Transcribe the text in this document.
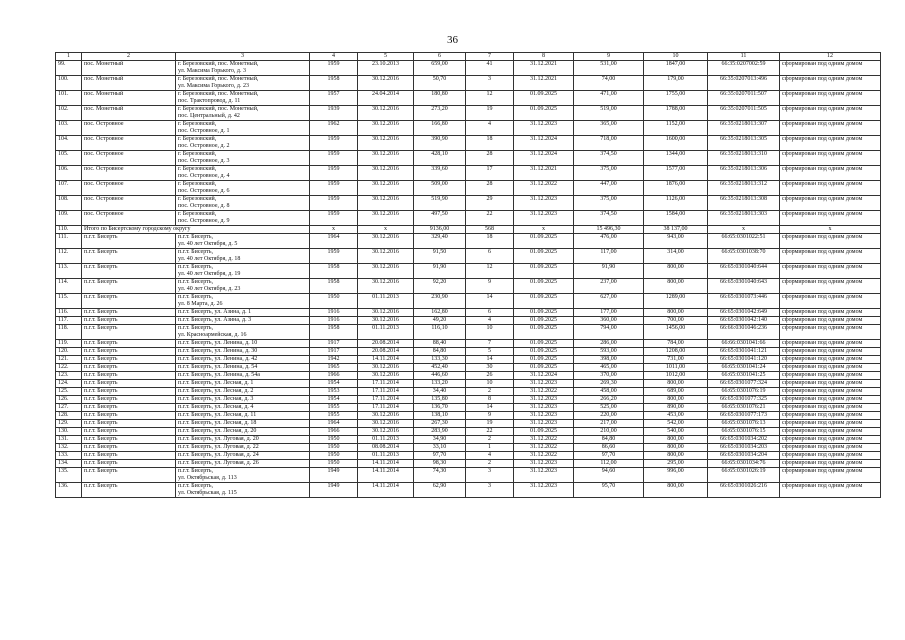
36
1	2	3	4	5	6	7	8	9	10	11	12
99.	пос. Монетный	г. Березовский, пос. Монетный,
ул. Максима Горького, д. 3	1959	23.10.2013	659,00	41	31.12.2021	531,00	1847,00	66:35:0207002:59	сформирован под одним домом
100.	пос. Монетный	г. Березовский, пос. Монетный,
ул. Максима Горького, д. 23	1958	30.12.2016	50,70	3	31.12.2021	74,00	179,00	66:35:0207013:496	сформирован под одним домом
101.	пос. Монетный	г. Березовский, пос. Монетный,
пос. Трактопровод, д. 11	1957	24.04.2014	180,80	12	01.09.2025	471,00	1755,00	66:35:0207011:507	сформирован под одним домом
102.	пос. Монетный	г. Березовский, пос. Монетный,
пос. Центральный, д. 42	1939	30.12.2016	273,20	19	01.09.2025	519,00	1788,00	66:35:0207011:505	сформирован под одним домом
103.	пос. Островное	г. Березовский,
пос. Островное, д. 1	1962	30.12.2016	166,80	4	31.12.2023	365,00	1152,00	66:35:0218013:307	сформирован под одним домом
104.	пос. Островное	г. Березовский,
пос. Островное, д. 2	1959	30.12.2016	390,90	18	31.12.2024	718,00	1600,00	66:35:0218013:305	сформирован под одним домом
105.	пос. Островное	г. Березовский,
пос. Островное, д. 3	1959	30.12.2016	428,10	28	31.12.2024	374,50	1344,00	66:35:0218013:310	сформирован под одним домом
106.	пос. Островное	г. Березовский,
пос. Островное, д. 4	1959	30.12.2016	339,60	17	31.12.2021	375,00	1577,00	66:35:0218013:306	сформирован под одним домом
107.	пос. Островное	г. Березовский,
пос. Островное, д. 6	1959	30.12.2016	509,00	28	31.12.2022	447,00	1876,00	66:35:0218013:312	сформирован под одним домом
108.	пос. Островное	г. Березовский,
пос. Островное, д. 8	1959	30.12.2016	519,90	29	31.12.2023	375,00	1126,00	66:35:0218013:308	сформирован под одним домом
109.	пос. Островное	г. Березовский,
пос. Островное, д. 9	1959	30.12.2016	497,50	22	31.12.2023	374,50	1584,00	66:35:0218013:303	сформирован под одним домом
110.	Итого по Бисертскому городскому округу		x	x	9136,00	568	x	15 496,30	38 137,00	x	x
111.	п.г.т. Бисерть	п.г.т. Бисерть,
ул. 40 лет Октября, д. 5	1964	30.12.2016	329,40	18	01.09.2025	476,00	943,00	66:65:0301022:51	сформирован под одним домом
112.	п.г.т. Бисерть	п.г.т. Бисерть,
ул. 40 лет Октября, д. 18	1959	30.12.2016	91,50	6	01.09.2025	117,00	314,00	66:65:0301038:70	сформирован под одним домом
113.	п.г.т. Бисерть	п.г.т. Бисерть,
ул. 40 лет Октября, д. 19	1958	30.12.2016	91,90	12	01.09.2025	91,90	800,00	66:65:0301040:644	сформирован под одним домом
114.	п.г.т. Бисерть	п.г.т. Бисерть,
ул. 40 лет Октября, д. 23	1958	30.12.2016	92,20	9	01.09.2025	237,00	800,00	66:65:0301040:643	сформирован под одним домом
115.	п.г.т. Бисерть	п.г.т. Бисерть,
ул. 8 Марта, д. 26	1950	01.11.2013	230,90	14	01.09.2025	627,00	1289,00	66:65:0301073:446	сформирован под одним домом
116.	п.г.т. Бисерть	п.г.т. Бисерть, ул. Азина, д. 1	1916	30.12.2016	162,80	6	01.09.2025	177,00	800,00	66:65:0301042:649	сформирован под одним домом
117.	п.г.т. Бисерть	п.г.т. Бисерть, ул. Азина, д. 3	1916	30.12.2016	49,20	4	01.09.2025	360,00	700,00	66:65:0301042:140	сформирован под одним домом
118.	п.г.т. Бисерть	п.г.т. Бисерть,
ул. Красноармейская, д. 16	1958	01.11.2013	116,10	10	01.09.2025	794,00	1456,00	66:66:0301046:236	сформирован под одним домом
119.	п.г.т. Бисерть	п.г.т. Бисерть, ул. Ленина, д. 10	1917	20.08.2014	88,40	7	01.09.2025	286,00	784,00	66:66:0301041:66	сформирован под одним домом
120.	п.г.т. Бисерть	п.г.т. Бисерть, ул. Ленина, д. 30	1917	20.08.2014	84,80	5	01.09.2025	593,00	1208,00	66:65:0301041:121	сформирован под одним домом
121.	п.г.т. Бисерть	п.г.т. Бисерть, ул. Ленина, д. 42	1942	14.11.2014	133,30	14	01.09.2025	398,00	731,00	66:65:0301041:120	сформирован под одним домом
122.	п.г.т. Бисерть	п.г.т. Бисерть, ул. Ленина, д. 54	1965	30.12.2016	452,40	30	01.09.2025	465,00	1011,00	66:65:0301041:24	сформирован под одним домом
123.	п.г.т. Бисерть	п.г.т. Бисерть, ул. Ленина, д. 54а	1966	30.12.2016	446,60	26	31.12.2024	370,00	1012,00	66:65:0301041:25	сформирован под одним домом
124.	п.г.т. Бисерть	п.г.т. Бисерть, ул. Лесная, д. 1	1954	17.11.2014	133,20	10	31.12.2023	269,30	800,00	66:65:0301077:324	сформирован под одним домом
125.	п.г.т. Бисерть	п.г.т. Бисерть, ул. Лесная, д. 2	1953	17.11.2014	34,40	2	31.12.2022	458,00	689,00	66:65:0301076:19	сформирован под одним домом
126.	п.г.т. Бисерть	п.г.т. Бисерть, ул. Лесная, д. 3	1954	17.11.2014	135,80	8	31.12.2023	266,20	800,00	66:65:0301077:325	сформирован под одним домом
127.	п.г.т. Бисерть	п.г.т. Бисерть, ул. Лесная, д. 4	1955	17.11.2014	136,70	14	31.12.2023	525,00	890,00	66:65:0301076:21	сформирован под одним домом
128.	п.г.т. Бисерть	п.г.т. Бисерть, ул. Лесная, д. 11	1955	30.12.2016	138,10	9	31.12.2023	220,00	453,00	66:65:0301077:173	сформирован под одним домом
129.	п.г.т. Бисерть	п.г.т. Бисерть, ул. Лесная, д. 18	1964	30.12.2016	267,30	19	31.12.2023	217,00	542,00	66:65:0301076:13	сформирован под одним домом
130.	п.г.т. Бисерть	п.г.т. Бисерть, ул. Лесная, д. 20	1966	30.12.2016	283,90	22	01.09.2025	210,00	540,00	66:65:0301076:15	сформирован под одним домом
131.	п.г.т. Бисерть	п.г.т. Бисерть, ул. Луговая, д. 20	1950	01.11.2013	34,90	2	31.12.2022	84,80	800,00	66:65:0301034:202	сформирован под одним домом
132.	п.г.т. Бисерть	п.г.т. Бисерть, ул. Луговая, д. 22	1950	08.08.2014	33,10	1	31.12.2022	86,60	800,00	66:65:0301034:203	сформирован под одним домом
133.	п.г.т. Бисерть	п.г.т. Бисерть, ул. Луговая, д. 24	1950	01.11.2013	97,70	4	31.12.2022	97,70	800,00	66:65:0301034:204	сформирован под одним домом
134.	п.г.т. Бисерть	п.г.т. Бисерть, ул. Луговая, д. 26	1950	14.11.2014	98,30	2	31.12.2023	112,00	295,00	66:65:0301034:76	сформирован под одним домом
135.	п.г.т. Бисерть	п.г.т. Бисерть,
ул. Октябрьская, д. 113	1949	14.11.2014	74,30	3	31.12.2023	94,60	996,00	66:65:0301026:19	сформирован под одним домом
136.	п.г.т. Бисерть	п.г.т. Бисерть,
ул. Октябрьская, д. 115	1949	14.11.2014	62,90	3	31.12.2023	95,70	800,00	66:65:0301026:216	сформирован под одним домом
